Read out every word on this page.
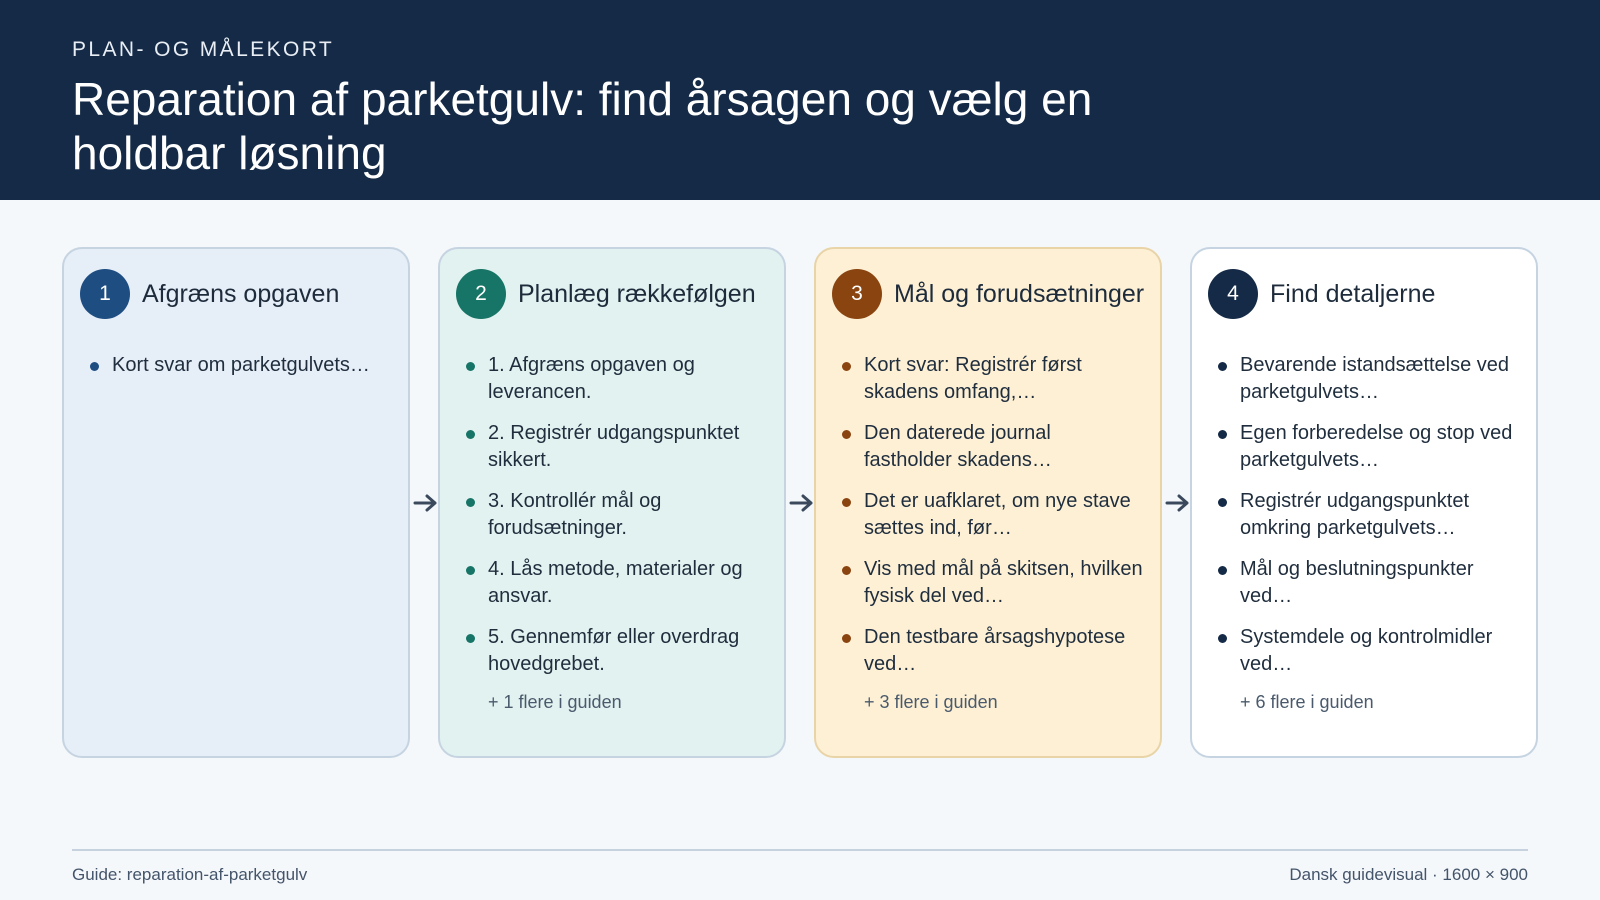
PLAN- OG MÅLEKORT
Reparation af parketgulv: find årsagen og vælg en holdbar løsning
1	Afgræns opgaven
Kort svar om parketgulvets…
2	Planlæg rækkefølgen
1. Afgræns opgaven og leverancen.
2. Registrér udgangspunktet sikkert.
3. Kontrollér mål og forudsætninger.
4. Lås metode, materialer og ansvar.
5. Gennemfør eller overdrag hovedgrebet.
+ 1 flere i guiden
3	Mål og forudsætninger
Kort svar: Registrér først skadens omfang,…
Den daterede journal fastholder skadens…
Det er uafklaret, om nye stave sættes ind, før…
Vis med mål på skitsen, hvilken fysisk del ved…
Den testbare årsagshypotese ved…
+ 3 flere i guiden
4	Find detaljerne
Bevarende istandsættelse ved parketgulvets…
Egen forberedelse og stop ved parketgulvets…
Registrér udgangspunktet omkring parketgulvets…
Mål og beslutningspunkter ved…
Systemdele og kontrolmidler ved…
+ 6 flere i guiden
Guide: reparation-af-parketgulv	Dansk guidevisual · 1600 × 900
